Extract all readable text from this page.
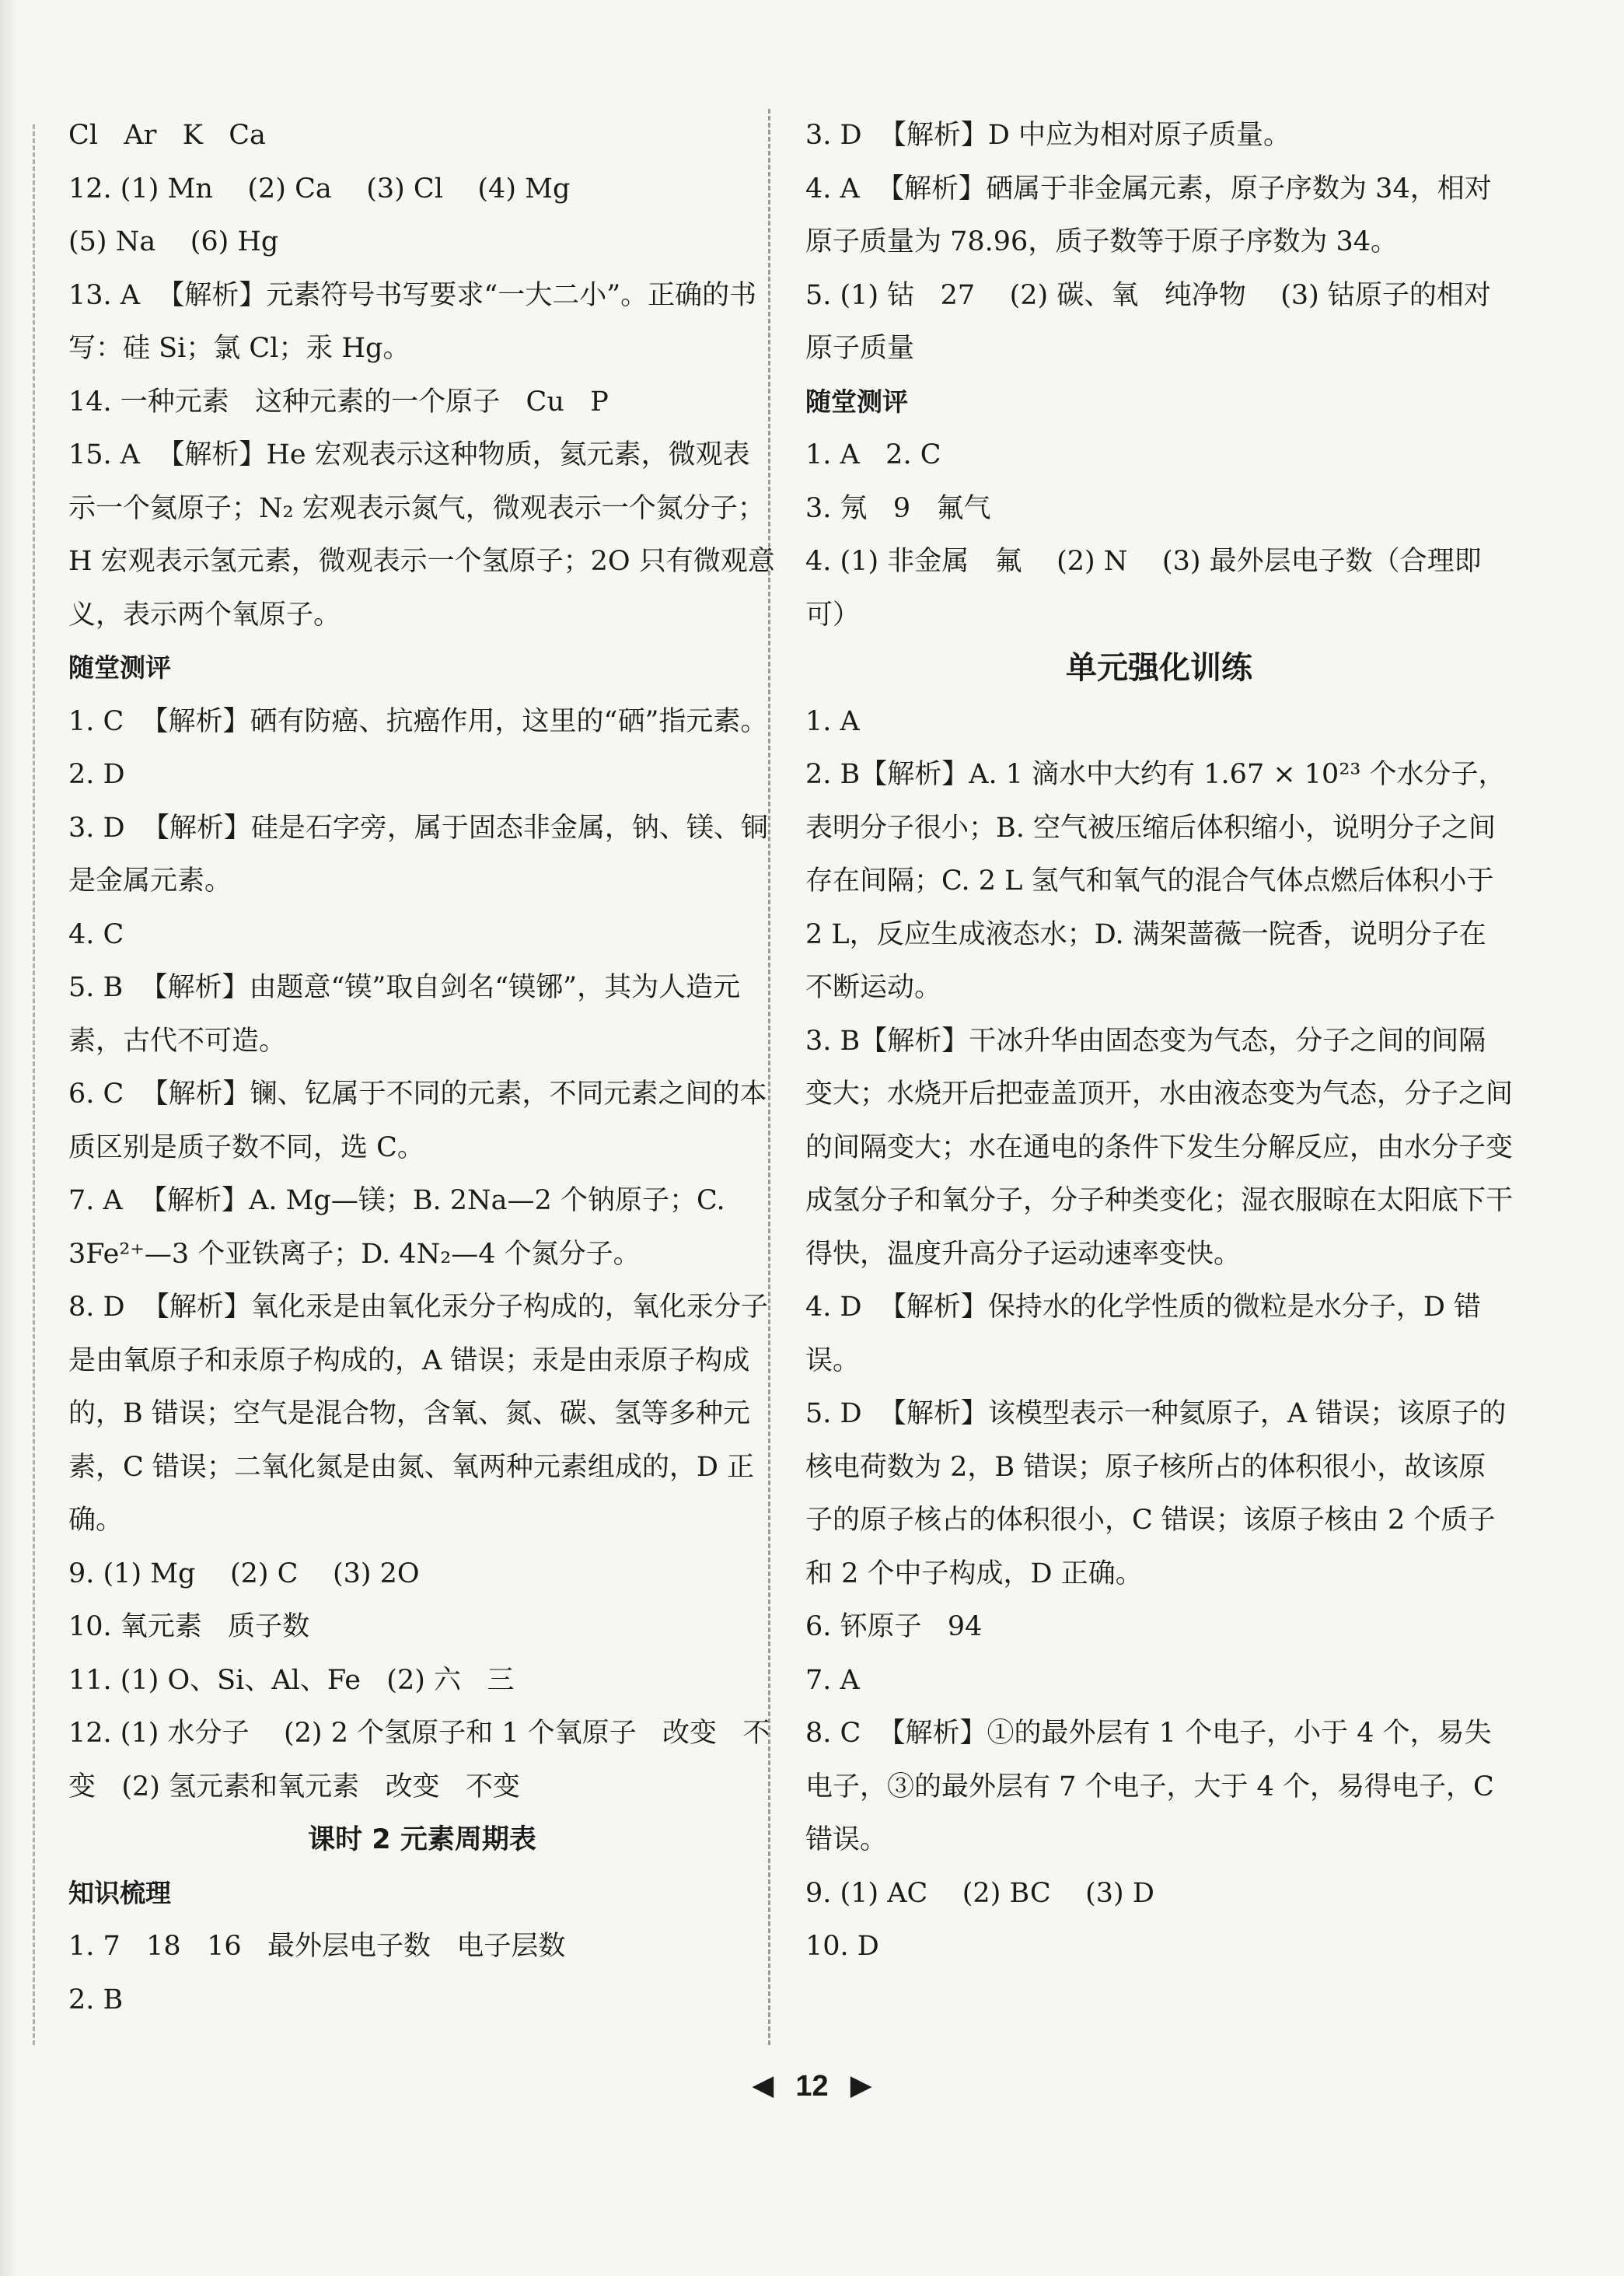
Cl   Ar   K   Ca
12. (1) Mn    (2) Ca    (3) Cl    (4) Mg
(5) Na    (6) Hg
13. A  【解析】元素符号书写要求“一大二小”。正确的书写：硅 Si；氯 Cl；汞 Hg。
14. 一种元素   这种元素的一个原子   Cu   P
15. A  【解析】He 宏观表示这种物质，氦元素，微观表示一个氦原子；N₂ 宏观表示氮气，微观表示一个氮分子；H 宏观表示氢元素，微观表示一个氢原子；2O 只有微观意义，表示两个氧原子。
随堂测评
1. C  【解析】硒有防癌、抗癌作用，这里的“硒”指元素。
2. D
3. D  【解析】硅是石字旁，属于固态非金属，钠、镁、铜是金属元素。
4. C
5. B  【解析】由题意“镆”取自剑名“镆铘”，其为人造元素，古代不可造。
6. C  【解析】镧、钇属于不同的元素，不同元素之间的本质区别是质子数不同，选 C。
7. A  【解析】A. Mg—镁；B. 2Na—2 个钠原子；C. 3Fe²⁺—3 个亚铁离子；D. 4N₂—4 个氮分子。
8. D  【解析】氧化汞是由氧化汞分子构成的，氧化汞分子是由氧原子和汞原子构成的，A 错误；汞是由汞原子构成的，B 错误；空气是混合物，含氧、氮、碳、氢等多种元素，C 错误；二氧化氮是由氮、氧两种元素组成的，D 正确。
9. (1) Mg    (2) C    (3) 2O
10. 氧元素   质子数
11. (1) O、Si、Al、Fe   (2) 六   三
12. (1) 水分子    (2) 2 个氢原子和 1 个氧原子   改变   不变   (2) 氢元素和氧元素   改变   不变
课时 2 元素周期表
知识梳理
1. 7   18   16   最外层电子数   电子层数
2. B
3. D  【解析】D 中应为相对原子质量。
4. A  【解析】硒属于非金属元素，原子序数为 34，相对原子质量为 78.96，质子数等于原子序数为 34。
5. (1) 钴   27    (2) 碳、氧   纯净物    (3) 钴原子的相对原子质量
随堂测评
1. A   2. C
3. 氖   9   氟气
4. (1) 非金属   氟    (2) N    (3) 最外层电子数（合理即可）
单元强化训练
1. A
2. B【解析】A. 1 滴水中大约有 1.67 × 10²³ 个水分子，表明分子很小；B. 空气被压缩后体积缩小，说明分子之间存在间隔；C. 2 L 氢气和氧气的混合气体点燃后体积小于 2 L，反应生成液态水；D. 满架蔷薇一院香，说明分子在不断运动。
3. B【解析】干冰升华由固态变为气态，分子之间的间隔变大；水烧开后把壶盖顶开，水由液态变为气态，分子之间的间隔变大；水在通电的条件下发生分解反应，由水分子变成氢分子和氧分子，分子种类变化；湿衣服晾在太阳底下干得快，温度升高分子运动速率变快。
4. D  【解析】保持水的化学性质的微粒是水分子，D 错误。
5. D  【解析】该模型表示一种氦原子，A 错误；该原子的核电荷数为 2，B 错误；原子核所占的体积很小，故该原子的原子核占的体积很小，C 错误；该原子核由 2 个质子和 2 个中子构成，D 正确。
6. 钚原子   94
7. A
8. C  【解析】①的最外层有 1 个电子，小于 4 个，易失电子，③的最外层有 7 个电子，大于 4 个，易得电子，C 错误。
9. (1) AC    (2) BC    (3) D
10. D
◀ 12 ▶
